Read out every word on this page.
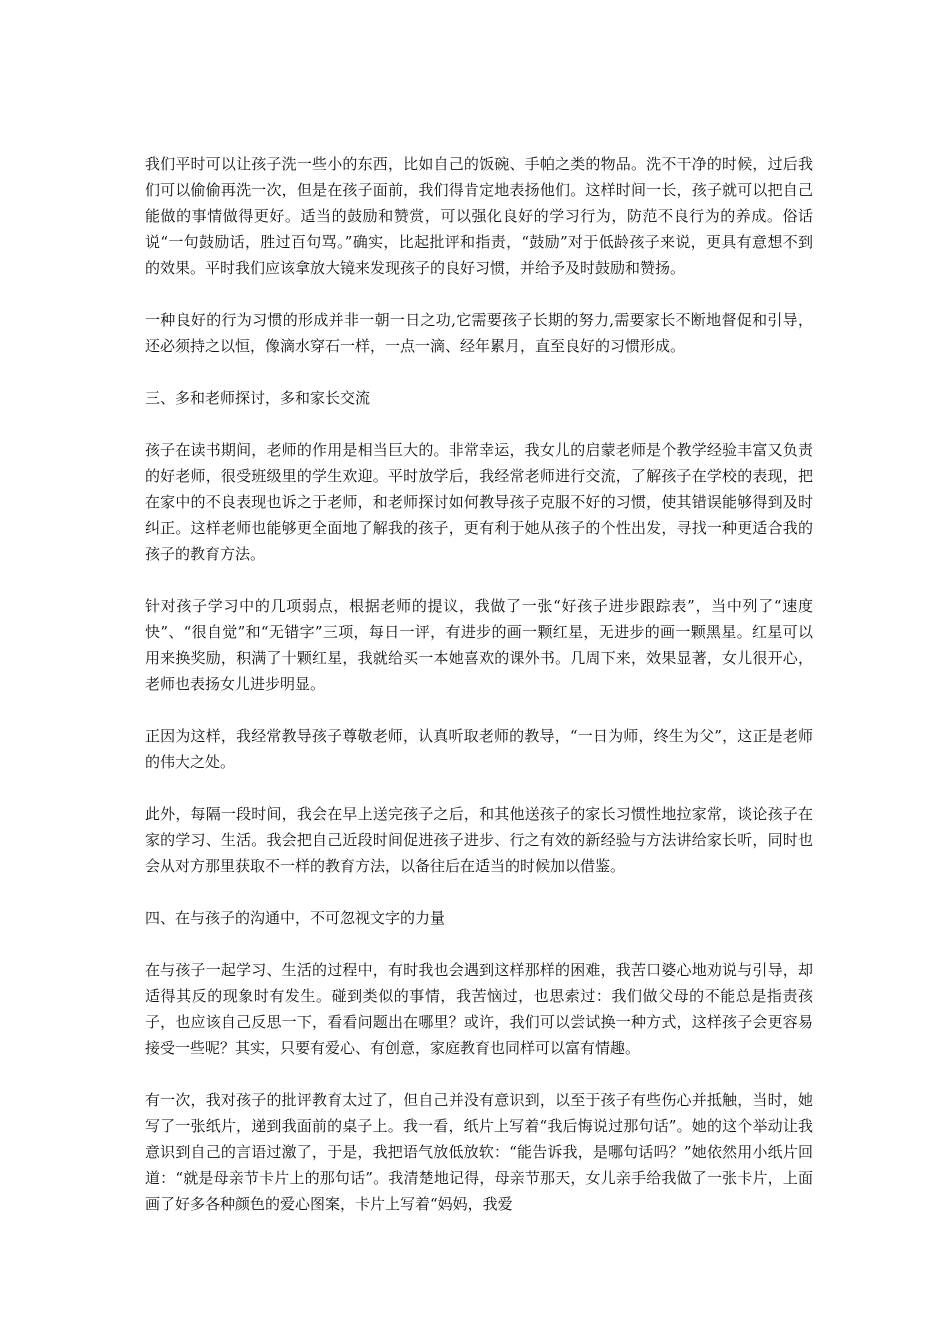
我们平时可以让孩子洗一些小的东西，比如自己的饭碗、手帕之类的物品。洗不干净的时候，过后我们可以偷偷再洗一次，但是在孩子面前，我们得肯定地表扬他们。这样时间一长，孩子就可以把自己能做的事情做得更好。适当的鼓励和赞赏，可以强化良好的学习行为，防范不良行为的养成。俗话说“一句鼓励话，胜过百句骂。”确实，比起批评和指责，“鼓励”对于低龄孩子来说，更具有意想不到的效果。平时我们应该拿放大镜来发现孩子的良好习惯，并给予及时鼓励和赞扬。

一种良好的行为习惯的形成并非一朝一日之功,它需要孩子长期的努力,需要家长不断地督促和引导，还必须持之以恒，像滴水穿石一样，一点一滴、经年累月，直至良好的习惯形成。

三、多和老师探讨，多和家长交流

孩子在读书期间，老师的作用是相当巨大的。非常幸运，我女儿的启蒙老师是个教学经验丰富又负责的好老师，很受班级里的学生欢迎。平时放学后，我经常老师进行交流，了解孩子在学校的表现，把在家中的不良表现也诉之于老师，和老师探讨如何教导孩子克服不好的习惯，使其错误能够得到及时纠正。这样老师也能够更全面地了解我的孩子，更有利于她从孩子的个性出发，寻找一种更适合我的孩子的教育方法。

针对孩子学习中的几项弱点，根据老师的提议，我做了一张“好孩子进步跟踪表”，当中列了“速度快”、“很自觉”和“无错字”三项，每日一评，有进步的画一颗红星，无进步的画一颗黑星。红星可以用来换奖励，积满了十颗红星，我就给买一本她喜欢的课外书。几周下来，效果显著，女儿很开心，老师也表扬女儿进步明显。

正因为这样，我经常教导孩子尊敬老师，认真听取老师的教导，“一日为师，终生为父”，这正是老师的伟大之处。

此外，每隔一段时间，我会在早上送完孩子之后，和其他送孩子的家长习惯性地拉家常，谈论孩子在家的学习、生活。我会把自己近段时间促进孩子进步、行之有效的新经验与方法讲给家长听，同时也会从对方那里获取不一样的教育方法，以备往后在适当的时候加以借鉴。

四、在与孩子的沟通中，不可忽视文字的力量

在与孩子一起学习、生活的过程中，有时我也会遇到这样那样的困难，我苦口婆心地劝说与引导，却适得其反的现象时有发生。碰到类似的事情，我苦恼过，也思索过：我们做父母的不能总是指责孩子，也应该自己反思一下，看看问题出在哪里？或许，我们可以尝试换一种方式，这样孩子会更容易接受一些呢？其实，只要有爱心、有创意，家庭教育也同样可以富有情趣。

有一次，我对孩子的批评教育太过了，但自己并没有意识到，以至于孩子有些伤心并抵触，当时，她写了一张纸片，递到我面前的桌子上。我一看，纸片上写着“我后悔说过那句话”。她的这个举动让我意识到自己的言语过激了，于是，我把语气放低放软：“能告诉我，是哪句话吗？”她依然用小纸片回道：“就是母亲节卡片上的那句话”。我清楚地记得，母亲节那天，女儿亲手给我做了一张卡片，上面画了好多各种颜色的爱心图案，卡片上写着“妈妈，我爱
